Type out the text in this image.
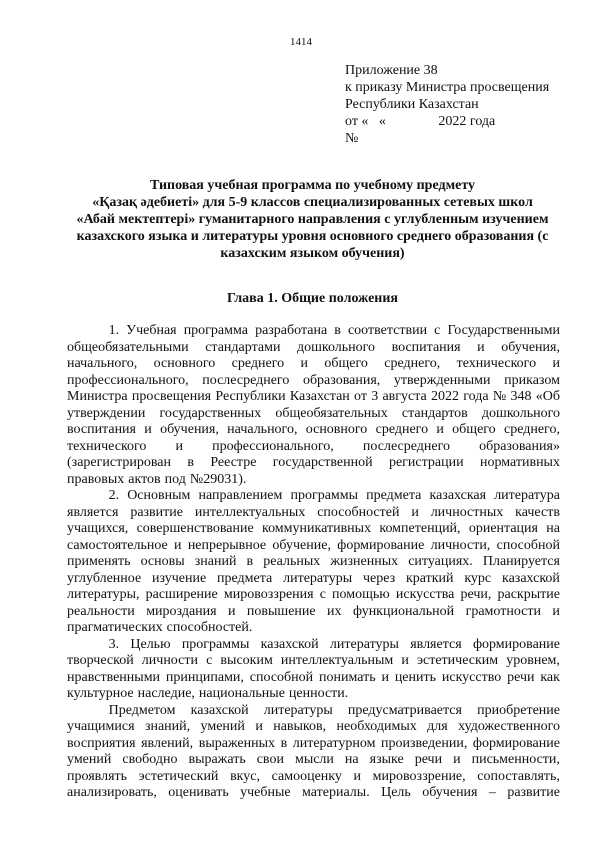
1414
Приложение 38
к приказу Министра просвещения
Республики Казахстан
от «   «               2022 года
№
Типовая учебная программа по учебному предмету
«Қазақ әдебиеті» для 5-9 классов специализированных сетевых школ
«Абай мектептері» гуманитарного направления с углубленным изучением
казахского языка и литературы уровня основного среднего образования (с
казахским языком обучения)
Глава 1. Общие положения
1. Учебная программа разработана в соответствии с Государственными
общеобязательными стандартами дошкольного воспитания и обучения,
начального, основного среднего и общего среднего, технического и
профессионального, послесреднего образования, утвержденными приказом
Министра просвещения Республики Казахстан от 3 августа 2022 года № 348 «Об
утверждении государственных общеобязательных стандартов дошкольного
воспитания и обучения, начального, основного среднего и общего среднего,
технического и профессионального, послесреднего образования»
(зарегистрирован в Реестре государственной регистрации нормативных
правовых актов под №29031).
2. Основным направлением программы предмета казахская литература
является развитие интеллектуальных способностей и личностных качеств
учащихся, совершенствование коммуникативных компетенций, ориентация на
самостоятельное и непрерывное обучение, формирование личности, способной
применять основы знаний в реальных жизненных ситуациях. Планируется
углубленное изучение предмета литературы через краткий курс казахской
литературы, расширение мировоззрения с помощью искусства речи, раскрытие
реальности мироздания и повышение их функциональной грамотности и
прагматических способностей.
3. Целью программы казахской литературы является формирование
творческой личности с высоким интеллектуальным и эстетическим уровнем,
нравственными принципами, способной понимать и ценить искусство речи как
культурное наследие, национальные ценности.
Предметом казахской литературы предусматривается приобретение
учащимися знаний, умений и навыков, необходимых для художественного
восприятия явлений, выраженных в литературном произведении, формирование
умений свободно выражать свои мысли на языке речи и письменности,
проявлять эстетический вкус, самооценку и мировоззрение, сопоставлять,
анализировать, оценивать учебные материалы. Цель обучения – развитие
